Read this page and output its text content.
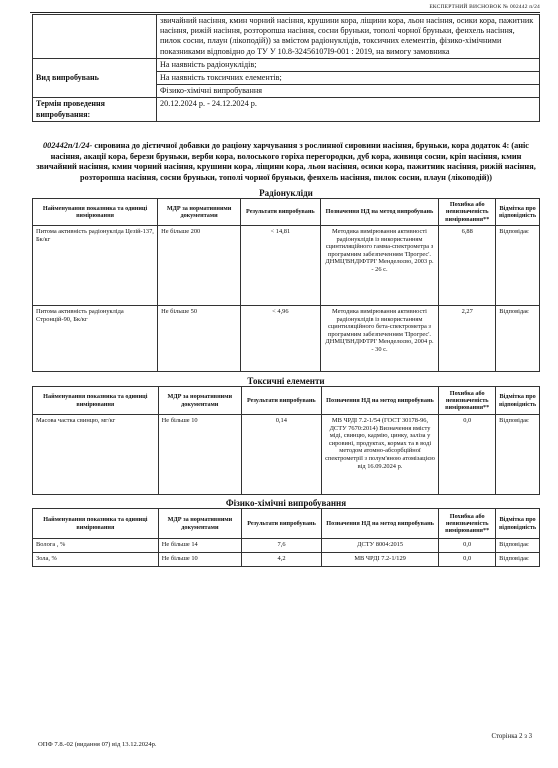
ЕКСПЕРТНИЙ ВИСНОВОК № 002442 п/24
	звичайний насіння, кмин чорний насіння, крушини кора, ліщини кора, льон насіння, осики кора, пажитник насіння, рижій насіння, розторопша насіння, сосни бруньки, тополі чорної бруньки, фенхель насіння, пилок сосни, плаун (лікоподій)) за вмістом радіонуклідів, токсичних елементів, фізико-хімічними показниками відповідно до ТУ У 10.8-32456107I9-001 : 2019, на вимогу замовника
Вид випробувань	На наявність радіонуклідів;
На наявність токсичних елементів;
Фізико-хімічні випробування

Термін проведення випробування:	20.12.2024 р. - 24.12.2024 р.
002442п/1/24- сировина до дієтичної добавки до раціону харчування з рослинної сировини насіння, бруньки, кора додаток 4: (аніс насіння, акації кора, берези бруньки, верби кора, волоського горіха перегородки, дуб кора, живиця сосни, кріп насіння, кмин звичайний насіння, кмин чорний насіння, крушини кора, ліщини кора, льон насіння, осики кора, пажитник насіння, рижій насіння, розторопша насіння, сосни бруньки, тополі чорної бруньки, фенхель насіння, пилок сосни, плаун (лікоподій))
Радіонукліди
Найменування показника та одиниці вимірювання	МДР за нормативними документами	Результати випробувань	Позначення НД на метод випробувань	Похибка або невизначеність вимірювання**	Відмітка про відповідність
Питома активність радіонукліда Цезій-137, Бк/кг	Не більше 200	< 14,81	Методика вимірювання активності радіонуклідів із використанням сцинтиляційного гамма-спектрометра з програмним забезпеченням 'Прогрес'. ДНМЦ'ВНДІФТРІ' Менделєєво, 2003 р. - 26 с.	6,88	Відповідає
Питома активність радіонукліда Стронцій-90, Бк/кг	Не більше 50	< 4,96	Методика вимірювання активності радіонуклідів із використанням сцинтиляційного бета-спектрометра з програмним забезпеченням 'Прогрес'. ДНМЦ'ВНДІФТРІ' Менделєєво, 2004 р. - 30 с.	2,27	Відповідає
Токсичні елементи
Найменування показника та одиниці вимірювання	МДР за нормативними документами	Результати випробувань	Позначення НД на метод випробувань	Похибка або невизначеність вимірювання**	Відмітка про відповідність
Масова частка свинцю, мг/кг	Не більше 10	0,14	МВ ЧРДІ 7.2-1/54 (ГОСТ 30178-96, ДСТУ 7670:2014) Визначення вмісту міді, свинцю, кадмію, цинку, заліза у сировині, продуктах, кормах та в воді методом атомно-абсорбційної спектрометрії з полум'яною атомізацією від 16.09.2024 р.	0,0	Відповідає
Фізико-хімічні випробування
Найменування показника та одиниці вимірювання	МДР за нормативними документами	Результати випробувань	Позначення НД на метод випробувань	Похибка або невизначеність вимірювання**	Відмітка про відповідність
Волога , %	Не більше 14	7,6	ДСТУ 8004:2015	0,0	Відповідає
Зола, %	Не більше 10	4,2	МВ ЧРДІ 7.2-1/129	0,0	Відповідає
Сторінка 2 з 3
ОПФ 7.8.-02 (видання 07) від 13.12.2024р.
